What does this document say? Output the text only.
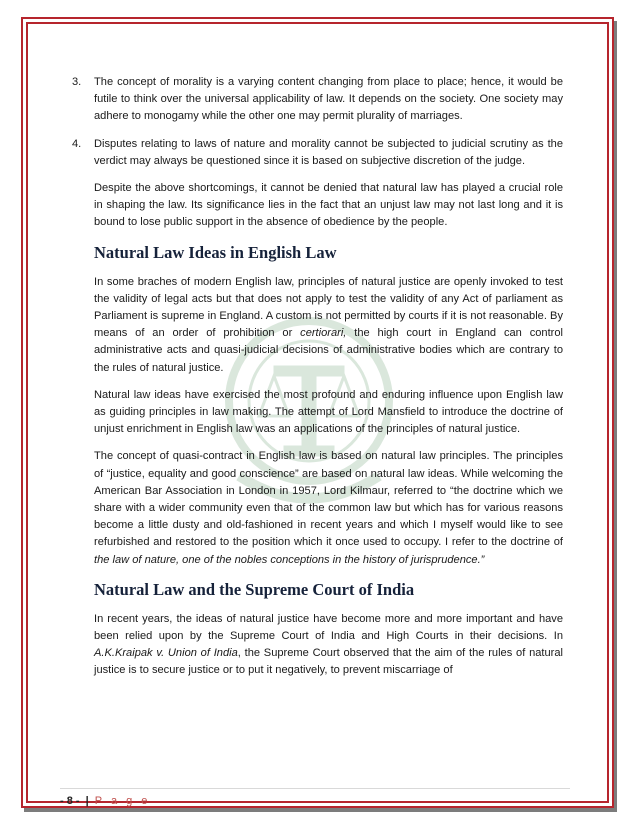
3. The concept of morality is a varying content changing from place to place; hence, it would be futile to think over the universal applicability of law. It depends on the society. One society may adhere to monogamy while the other one may permit plurality of marriages.
4. Disputes relating to laws of nature and morality cannot be subjected to judicial scrutiny as the verdict may always be questioned since it is based on subjective discretion of the judge.

Despite the above shortcomings, it cannot be denied that natural law has played a crucial role in shaping the law. Its significance lies in the fact that an unjust law may not last long and it is bound to lose public support in the absence of obedience by the people.

Natural Law Ideas in English Law

In some braches of modern English law, principles of natural justice are openly invoked to test the validity of legal acts but that does not apply to test the validity of any Act of parliament as Parliament is supreme in England. A custom is not permitted by courts if it is not reasonable. By means of an order of prohibition or certiorari, the high court in England can control administrative acts and quasi-judicial decisions of administrative bodies which are contrary to the rules of natural justice.

Natural law ideas have exercised the most profound and enduring influence upon English law as guiding principles in law making. The attempt of Lord Mansfield to introduce the doctrine of unjust enrichment in English law was an applications of the principles of natural justice.

The concept of quasi-contract in English law is based on natural law principles. The principles of “justice, equality and good conscience” are based on natural law ideas. While welcoming the American Bar Association in London in 1957, Lord Kilmaur, referred to “the doctrine which we share with a wider community even that of the common law but which has for various reasons become a little dusty and old-fashioned in recent years and which I myself would like to see refurbished and restored to the position which it once used to occupy. I refer to the doctrine of the law of nature, one of the nobles conceptions in the history of jurisprudence.”

Natural Law and the Supreme Court of India

In recent years, the ideas of natural justice have become more and more important and have been relied upon by the Supreme Court of India and High Courts in their decisions. In A.K.Kraipak v. Union of India, the Supreme Court observed that the aim of the rules of natural justice is to secure justice or to put it negatively, to prevent miscarriage of

- 8 - | P a g e
